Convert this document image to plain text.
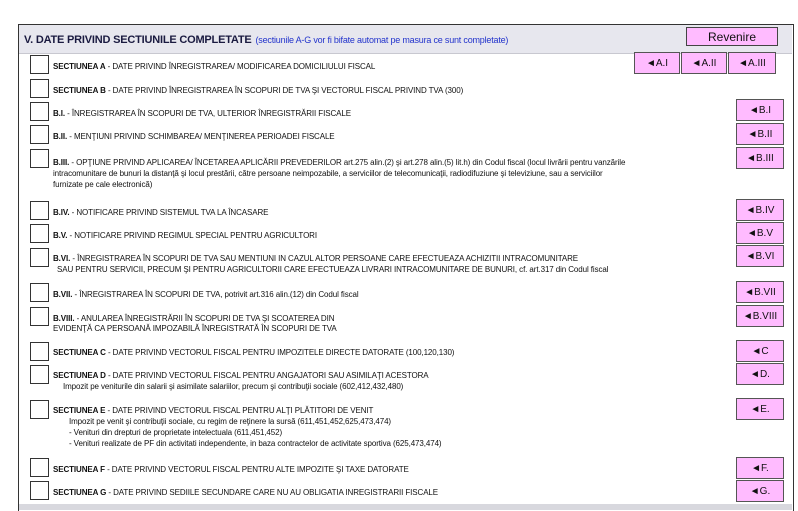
V. DATE PRIVIND SECTIUNILE COMPLETATE (sectiunile A-G vor fi bifate automat pe masura ce sunt completate)	Revenire
SECTIUNEA A - DATE PRIVIND ÎNREGISTRAREA/ MODIFICAREA DOMICILIULUI FISCAL
SECTIUNEA B - DATE PRIVIND ÎNREGISTRAREA ÎN SCOPURI DE TVA ŞI VECTORUL FISCAL PRIVIND TVA (300)
B.I. - ÎNREGISTRAREA ÎN SCOPURI DE TVA, ULTERIOR ÎNREGISTRĂRII FISCALE
B.II. - MENŢIUNI PRIVIND SCHIMBAREA/ MENŢINEREA PERIOADEI FISCALE
B.III. - OPŢIUNE PRIVIND APLICAREA/ ÎNCETAREA APLICĂRII PREVEDERILOR art.275 alin.(2) şi art.278 alin.(5) lit.h) din Codul fiscal (locul livrării pentru vanzările
intracomunitare de bunuri la distanţă şi locul prestării, către persoane neimpozabile, a serviciilor de telecomunicaţii, radiodifuziune şi televiziune, sau a serviciilor
furnizate pe cale electronică)
B.IV. - NOTIFICARE PRIVIND SISTEMUL TVA LA ÎNCASARE
B.V. - NOTIFICARE PRIVIND REGIMUL SPECIAL PENTRU AGRICULTORI
B.VI. - ÎNREGISTRAREA ÎN SCOPURI DE TVA SAU MENTIUNI IN CAZUL ALTOR PERSOANE CARE EFECTUEAZA ACHIZITII INTRACOMUNITARE
SAU PENTRU SERVICII, PRECUM ŞI PENTRU AGRICULTORII CARE EFECTUEAZA LIVRARI INTRACOMUNITARE DE BUNURI, cf. art.317 din Codul fiscal
B.VII. - ÎNREGISTRAREA ÎN SCOPURI DE TVA, potrivit art.316 alin.(12) din Codul fiscal
B.VIII. - ANULAREA ÎNREGISTRĂRII ÎN SCOPURI DE TVA ŞI SCOATEREA DIN
EVIDENŢĂ CA PERSOANĂ IMPOZABILĂ ÎNREGISTRATĂ ÎN SCOPURI DE TVA
SECTIUNEA C - DATE PRIVIND VECTORUL FISCAL PENTRU IMPOZITELE DIRECTE DATORATE (100,120,130)
SECTIUNEA D - DATE PRIVIND VECTORUL FISCAL PENTRU ANGAJATORI SAU ASIMILAŢI ACESTORA
Impozit pe veniturile din salarii şi asimilate salariilor, precum şi contribuţii sociale (602,412,432,480)
SECTIUNEA E - DATE PRIVIND VECTORUL FISCAL PENTRU ALŢI PLĂTITORI DE VENIT
Impozit pe venit şi contribuţii sociale, cu regim de reţinere la sursă (611,451,452,625,473,474)
- Venituri din drepturi de proprietate intelectuala (611,451,452)
- Venituri realizate de PF din activitati independente, in baza contractelor de activitate sportiva (625,473,474)
SECTIUNEA F - DATE PRIVIND VECTORUL FISCAL PENTRU ALTE IMPOZITE ŞI TAXE DATORATE
SECTIUNEA G - DATE PRIVIND SEDIILE SECUNDARE CARE NU AU OBLIGATIA INREGISTRARII FISCALE
◄A.I	◄A.II	◄A.III
◄B.I
◄B.II
◄B.III
◄B.IV
◄B.V
◄B.VI
◄B.VII
◄B.VIII
◄C
◄D.
◄E.
◄F.
◄G.
